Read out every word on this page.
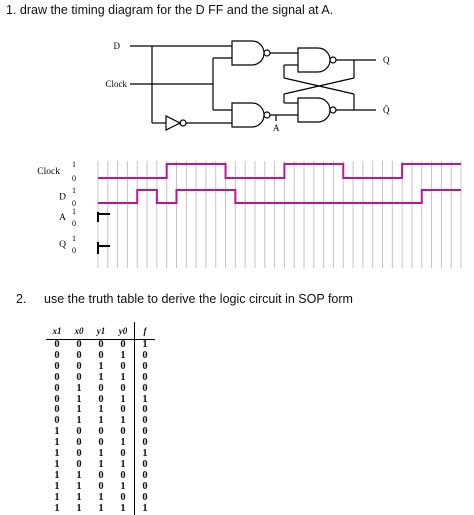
1. draw the timing diagram for the D FF and the signal at A.
D
Clock
Q
Q̄
A
Clock
1
0
D
1
0
A
1
0
Q
1
0
2. use the truth table to derive the logic circuit in SOP form
x1	x0	y1	y0	f
0	0	0	0	1
0	0	0	1	0
0	0	1	0	0
0	0	1	1	0
0	1	0	0	0
0	1	0	1	1
0	1	1	0	0
0	1	1	1	0
1	0	0	0	0
1	0	0	1	0
1	0	1	0	1
1	0	1	1	0
1	1	0	0	0
1	1	0	1	0
1	1	1	0	0
1	1	1	1	1
